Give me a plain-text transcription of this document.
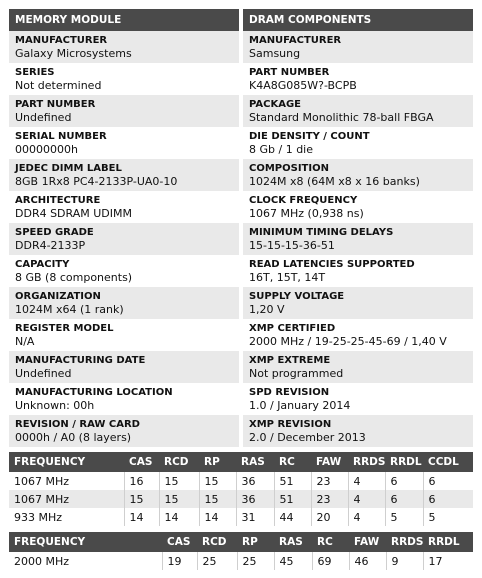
MEMORY MODULE
MANUFACTURER
Galaxy Microsystems
SERIES
Not determined
PART NUMBER
Undefined
SERIAL NUMBER
00000000h
JEDEC DIMM LABEL
8GB 1Rx8 PC4-2133P-UA0-10
ARCHITECTURE
DDR4 SDRAM UDIMM
SPEED GRADE
DDR4-2133P
CAPACITY
8 GB (8 components)
ORGANIZATION
1024M x64 (1 rank)
REGISTER MODEL
N/A
MANUFACTURING DATE
Undefined
MANUFACTURING LOCATION
Unknown: 00h
REVISION / RAW CARD
0000h / A0 (8 layers)
DRAM COMPONENTS
MANUFACTURER
Samsung
PART NUMBER
K4A8G085W?-BCPB
PACKAGE
Standard Monolithic 78-ball FBGA
DIE DENSITY / COUNT
8 Gb / 1 die
COMPOSITION
1024M x8 (64M x8 x 16 banks)
CLOCK FREQUENCY
1067 MHz (0,938 ns)
MINIMUM TIMING DELAYS
15-15-15-36-51
READ LATENCIES SUPPORTED
16T, 15T, 14T
SUPPLY VOLTAGE
1,20 V
XMP CERTIFIED
2000 MHz / 19-25-25-45-69 / 1,40 V
XMP EXTREME
Not programmed
SPD REVISION
1.0 / January 2014
XMP REVISION
2.0 / December 2013
FREQUENCY	CAS	RCD	RP	RAS	RC	FAW	RRDS	RRDL	CCDL
1067 MHz	16	15	15	36	51	23	4	6	6
1067 MHz	15	15	15	36	51	23	4	6	6
933 MHz	14	14	14	31	44	20	4	5	5
FREQUENCY	CAS	RCD	RP	RAS	RC	FAW	RRDS	RRDL
2000 MHz	19	25	25	45	69	46	9	17
